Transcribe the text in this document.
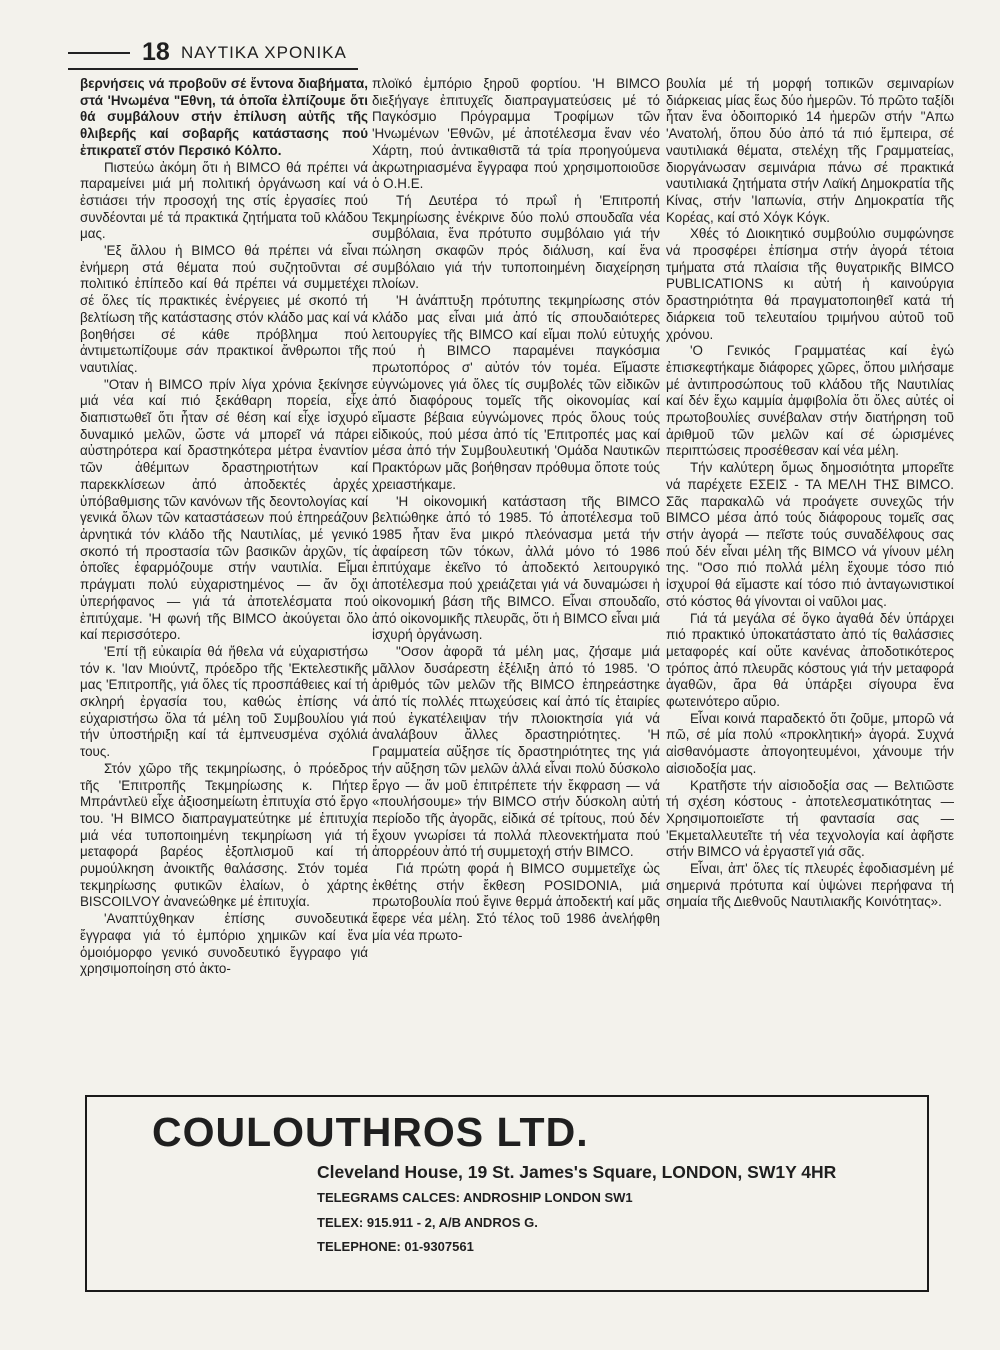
18 ΝΑΥΤΙΚΑ ΧΡΟΝΙΚΑ

βερνήσεις νά προβοῦν σέ ἔντονα διαβήματα, στά 'Ηνωμένα "Εθνη, τά ὁποῖα ἐλπίζουμε ὅτι θά συμβάλουν στήν ἐπίλυση αὐτῆς τῆς θλιβερῆς καί σοβαρῆς κατάστασης πού ἐπικρατεῖ στόν Περσικό Κόλπο.

Πιστεύω ἀκόμη ὅτι ἡ BIMCO θά πρέπει νά παραμείνει μιά μή πολιτική ὀργάνωση καί νά ἐστιάσει τήν προσοχή της στίς ἐργασίες πού συνδέονται μέ τά πρακτικά ζητήματα τοῦ κλάδου μας.

'Εξ ἄλλου ἡ BIMCO θά πρέπει νά εἶναι ἐνήμερη στά θέματα πού συζητοῦνται σέ πολιτικό ἐπίπεδο καί θά πρέπει νά συμμετέχει σέ ὅλες τίς πρακτικές ἐνέργειες μέ σκοπό τή βελτίωση τῆς κατάστασης στόν κλάδο μας καί νά βοηθήσει σέ κάθε πρόβλημα πού ἀντιμετωπίζουμε σάν πρακτικοί ἄνθρωποι τῆς ναυτιλίας.

"Οταν ἡ BIMCO πρίν λίγα χρόνια ξεκίνησε μιά νέα καί πιό ξεκάθαρη πορεία, εἶχε διαπιστωθεῖ ὅτι ἦταν σέ θέση καί εἶχε ἰσχυρό δυναμικό μελῶν, ὥστε νά μπορεῖ νά πάρει αὐστηρότερα καί δραστηκότερα μέτρα ἐναντίον τῶν ἀθέμιτων δραστηριοτήτων καί παρεκκλίσεων ἀπό ἀποδεκτές ἀρχές ὑπόβαθμισης τῶν κανόνων τῆς δεοντολογίας καί γενικά ὅλων τῶν καταστάσεων πού ἐπηρεάζουν ἀρνητικά τόν κλάδο τῆς Ναυτιλίας, μέ γενικό σκοπό τή προστασία τῶν βασικῶν ἀρχῶν, τίς ὁποῖες ἐφαρμόζουμε στήν ναυτιλία. Εἶμαι πράγματι πολύ εὐχαριστημένος — ἄν ὄχι ὑπερήφανος — γιά τά ἀποτελέσματα πού ἐπιτύχαμε. 'Η φωνή τῆς BIMCO ἀκούγεται ὅλο καί περισσότερο.

'Επί τῇ εὐκαιρία θά ἤθελα νά εὐχαριστήσω τόν κ. 'Ιαν Μιούντζ, πρόεδρο τῆς 'Εκτελεστικῆς μας 'Επιτροπῆς, γιά ὅλες τίς προσπάθειες καί τή σκληρή ἐργασία του, καθώς ἐπίσης νά εὐχαριστήσω ὅλα τά μέλη τοῦ Συμβουλίου γιά τήν ὑποστήριξη καί τά ἐμπνευσμένα σχόλιά τους.

Στόν χῶρο τῆς τεκμηρίωσης, ὁ πρόεδρος τῆς 'Επιτροπῆς Τεκμηρίωσης κ. Πήτερ Μπράντλεϋ εἶχε ἀξιοσημείωτη ἐπιτυχία στό ἔργο του. 'Η BIMCO διαπραγματεύτηκε μέ ἐπιτυχία μιά νέα τυποποιημένη τεκμηρίωση γιά τή μεταφορά βαρέος ἐξοπλισμοῦ καί τή ρυμούλκηση ἀνοικτῆς θαλάσσης. Στόν τομέα τεκμηρίωσης φυτικῶν ἐλαίων, ὁ χάρτης BISCOILVOY ἀνανεώθηκε μέ ἐπιτυχία.

'Αναπτύχθηκαν ἐπίσης συνοδευτικά ἔγγραφα γιά τό ἐμπόριο χημικῶν καί ἕνα ὁμοιόμορφο γενικό συνοδευτικό ἔγγραφο γιά χρησιμοποίηση στό ἀκτο-

πλοϊκό ἐμπόριο ξηροῦ φορτίου. 'Η BIMCO διεξήγαγε ἐπιτυχεῖς διαπραγματεύσεις μέ τό Παγκόσμιο Πρόγραμμα Τροφίμων τῶν 'Ηνωμένων 'Εθνῶν, μέ ἀποτέλεσμα ἕναν νέο Χάρτη, πού ἀντικαθιστᾶ τά τρία προηγούμενα ἀκρωτηριασμένα ἔγγραφα πού χρησιμοποιοῦσε ὁ Ο.Η.Ε.

Τή Δευτέρα τό πρωΐ ἡ 'Επιτροπή Τεκμηρίωσης ἐνέκρινε δύο πολύ σπουδαῖα νέα συμβόλαια, ἕνα πρότυπο συμβόλαιο γιά τήν πώληση σκαφῶν πρός διάλυση, καί ἕνα συμβόλαιο γιά τήν τυποποιημένη διαχείρηση πλοίων.

'Η ἀνάπτυξη πρότυπης τεκμηρίωσης στόν κλάδο μας εἶναι μιά ἀπό τίς σπουδαιότερες λειτουργίες τῆς BIMCO καί εἴμαι πολύ εὐτυχής πού ἡ BIMCO παραμένει παγκόσμια πρωτοπόρος σ' αὐτόν τόν τομέα. Εἴμαστε εὐγνώμονες γιά ὅλες τίς συμβολές τῶν εἰδικῶν ἀπό διαφόρους τομεῖς τῆς οἰκονομίας καί εἴμαστε βέβαια εὐγνώμονες πρός ὅλους τούς εἰδικούς, πού μέσα ἀπό τίς 'Επιτροπές μας καί μέσα ἀπό τήν Συμβουλευτική 'Ομάδα Ναυτικῶν Πρακτόρων μᾶς βοήθησαν πρόθυμα ὅποτε τούς χρειαστήκαμε.

'Η οἰκονομική κατάσταση τῆς BIMCO βελτιώθηκε ἀπό τό 1985. Τό ἀποτέλεσμα τοῦ 1985 ἦταν ἕνα μικρό πλεόνασμα μετά τήν ἀφαίρεση τῶν τόκων, ἀλλά μόνο τό 1986 ἐπιτύχαμε ἐκεῖνο τό ἀποδεκτό λειτουργικό ἀποτέλεσμα πού χρειάζεται γιά νά δυναμώσει ἡ οἰκονομική βάση τῆς BIMCO. Εἶναι σπουδαῖο, ἀπό οἰκονομικῆς πλευρᾶς, ὅτι ἡ BIMCO εἶναι μιά ἰσχυρή ὀργάνωση.

"Οσον ἀφορᾶ τά μέλη μας, ζήσαμε μιά μᾶλλον δυσάρεστη ἐξέλιξη ἀπό τό 1985. 'Ο ἀριθμός τῶν μελῶν τῆς BIMCO ἐπηρεάστηκε ἀπό τίς πολλές πτωχεύσεις καί ἀπό τίς ἑταιρίες πού ἐγκατέλειψαν τήν πλοιοκτησία γιά νά ἀναλάβουν ἄλλες δραστηριότητες. 'Η Γραμματεία αὔξησε τίς δραστηριότητες της γιά τήν αὔξηση τῶν μελῶν ἀλλά εἶναι πολύ δύσκολο ἔργο — ἄν μοῦ ἐπιτρέπετε τήν ἔκφραση — νά «πουλήσουμε» τήν BIMCO στήν δύσκολη αὐτή περίοδο τῆς ἀγορᾶς, εἰδικά σέ τρίτους, πού δέν ἔχουν γνωρίσει τά πολλά πλεονεκτήματα πού ἀπορρέουν ἀπό τή συμμετοχή στήν BIMCO.

Γιά πρώτη φορά ἡ BIMCO συμμετεῖχε ὡς ἐκθέτης στήν ἔκθεση POSIDONIA, μιά πρωτοβουλία πού ἔγινε θερμά ἀποδεκτή καί μᾶς ἔφερε νέα μέλη. Στό τέλος τοῦ 1986 ἀνελήφθη μία νέα πρωτο-

βουλία μέ τή μορφή τοπικῶν σεμιναρίων διάρκειας μίας ἕως δύο ἡμερῶν. Τό πρῶτο ταξίδι ἦταν ἕνα ὁδοιπορικό 14 ἡμερῶν στήν "Απω 'Ανατολή, ὅπου δύο ἀπό τά πιό ἔμπειρα, σέ ναυτιλιακά θέματα, στελέχη τῆς Γραμματείας, διοργάνωσαν σεμινάρια πάνω σέ πρακτικά ναυτιλιακά ζητήματα στήν Λαϊκή Δημοκρατία τῆς Κίνας, στήν 'Ιαπωνία, στήν Δημοκρατία τῆς Κορέας, καί στό Χόγκ Κόγκ.

Χθές τό Διοικητικό συμβούλιο συμφώνησε νά προσφέρει ἐπίσημα στήν ἀγορά τέτοια τμήματα στά πλαίσια τῆς θυγατρικῆς BIMCO PUBLICATIONS κι αὐτή ἡ καινούργια δραστηριότητα θά πραγματοποιηθεῖ κατά τή διάρκεια τοῦ τελευταίου τριμήνου αὐτοῦ τοῦ χρόνου.

'Ο Γενικός Γραμματέας καί ἐγώ ἐπισκεφτήκαμε διάφορες χῶρες, ὅπου μιλήσαμε μέ ἀντιπροσώπους τοῦ κλάδου τῆς Ναυτιλίας καί δέν ἔχω καμμία ἀμφιβολία ὅτι ὅλες αὐτές οἱ πρωτοβουλίες συνέβαλαν στήν διατήρηση τοῦ ἀριθμοῦ τῶν μελῶν καί σέ ὡρισμένες περιπτώσεις προσέθεσαν καί νέα μέλη.

Τήν καλύτερη ὅμως δημοσιότητα μπορεῖτε νά παρέχετε ΕΣΕΙΣ - ΤΑ ΜΕΛΗ ΤΗΣ BIMCO. Σᾶς παρακαλῶ νά προάγετε συνεχῶς τήν BIMCO μέσα ἀπό τούς διάφορους τομεῖς σας στήν ἀγορά — πεῖστε τούς συναδέλφους σας πού δέν εἶναι μέλη τῆς BIMCO νά γίνουν μέλη της. "Οσο πιό πολλά μέλη ἔχουμε τόσο πιό ἰσχυροί θά εἴμαστε καί τόσο πιό ἀνταγωνιστικοί στό κόστος θά γίνονται οἱ ναῦλοι μας.

Γιά τά μεγάλα σέ ὄγκο ἀγαθά δέν ὑπάρχει πιό πρακτικό ὑποκατάστατο ἀπό τίς θαλάσσιες μεταφορές καί οὔτε κανένας ἀποδοτικότερος τρόπος ἀπό πλευρᾶς κόστους γιά τήν μεταφορά ἀγαθῶν, ἄρα θά ὑπάρξει σίγουρα ἕνα φωτεινότερο αὔριο.

Εἶναι κοινά παραδεκτό ὅτι ζοῦμε, μπορῶ νά πῶ, σέ μία πολύ «προκλητική» ἀγορά. Συχνά αἰσθανόμαστε ἀπογοητευμένοι, χάνουμε τήν αἰσιοδοξία μας.

Κρατῆστε τήν αἰσιοδοξία σας — Βελτιῶστε τή σχέση κόστους - ἀποτελεσματικότητας — Χρησιμοποιεῖστε τή φαντασία σας — 'Εκμεταλλευτεῖτε τή νέα τεχνολογία καί ἀφῆστε στήν BIMCO νά ἐργαστεῖ γιά σᾶς.

Εἶναι, ἀπ' ὅλες τίς πλευρές ἐφοδιασμένη μέ σημερινά πρότυπα καί ὑψώνει περήφανα τή σημαία τῆς Διεθνοῦς Ναυτιλιακῆς Κοινότητας».

COULOUTHROS LTD.
Cleveland House, 19 St. James's Square, LONDON, SW1Y 4HR
TELEGRAMS CALCES: ANDROSHIP LONDON SW1
TELEX: 915.911 - 2, A/B ANDROS G.
TELEPHONE: 01-9307561
